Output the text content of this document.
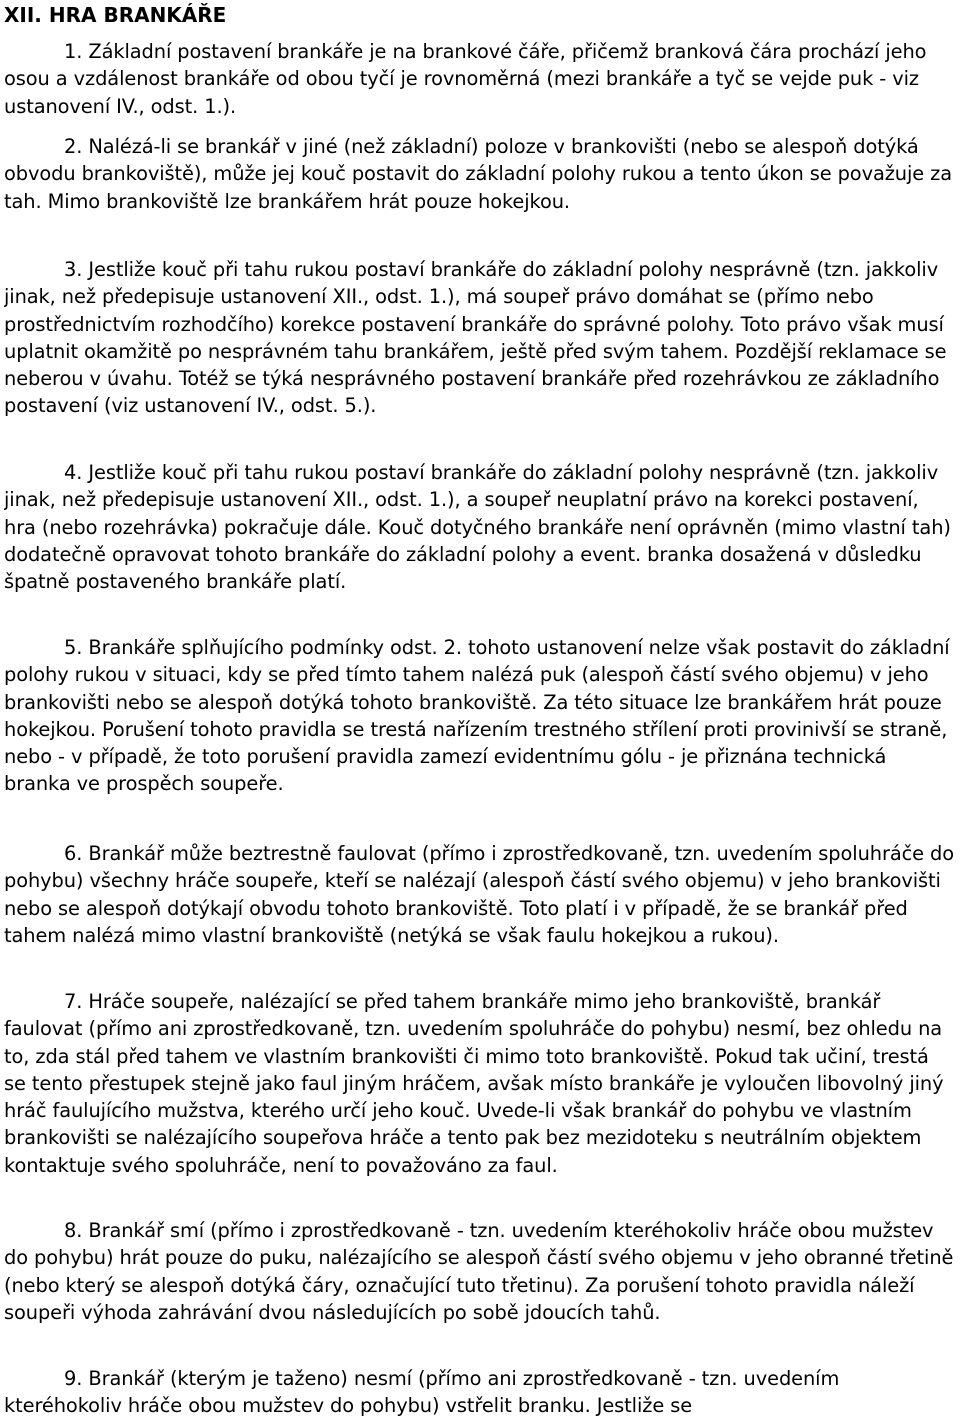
XII. HRA BRANKÁŘE

1. Základní postavení brankáře je na brankové čáře, přičemž branková čára prochází jeho osou a vzdálenost brankáře od obou tyčí je rovnoměrná (mezi brankáře a tyč se vejde puk - viz ustanovení IV., odst. 1.).

2. Nalézá-li se brankář v jiné (než základní) poloze v brankovišti (nebo se alespoň dotýká obvodu brankoviště), může jej kouč postavit do základní polohy rukou a tento úkon se považuje za tah. Mimo brankoviště lze brankářem hrát pouze hokejkou.

3. Jestliže kouč při tahu rukou postaví brankáře do základní polohy nesprávně (tzn. jakkoliv jinak, než předepisuje ustanovení XII., odst. 1.), má soupeř právo domáhat se (přímo nebo prostřednictvím rozhodčího) korekce postavení brankáře do správné polohy. Toto právo však musí uplatnit okamžitě po nesprávném tahu brankářem, ještě před svým tahem. Pozdější reklamace se neberou v úvahu. Totéž se týká nesprávného postavení brankáře před rozehrávkou ze základního postavení (viz ustanovení IV., odst. 5.).

4. Jestliže kouč při tahu rukou postaví brankáře do základní polohy nesprávně (tzn. jakkoliv jinak, než předepisuje ustanovení XII., odst. 1.), a soupeř neuplatní právo na korekci postavení, hra (nebo rozehrávka) pokračuje dále. Kouč dotyčného brankáře není oprávněn (mimo vlastní tah) dodatečně opravovat tohoto brankáře do základní polohy a event. branka dosažená v důsledku špatně postaveného brankáře platí.

5. Brankáře splňujícího podmínky odst. 2. tohoto ustanovení nelze však postavit do základní polohy rukou v situaci, kdy se před tímto tahem nalézá puk (alespoň částí svého objemu) v jeho brankovišti nebo se alespoň dotýká tohoto brankoviště. Za této situace lze brankářem hrát pouze hokejkou. Porušení tohoto pravidla se trestá nařízením trestného střílení proti provinivší se straně, nebo - v případě, že toto porušení pravidla zamezí evidentnímu gólu - je přiznána technická branka ve prospěch soupeře.

6. Brankář může beztrestně faulovat (přímo i zprostředkovaně, tzn. uvedením spoluhráče do pohybu) všechny hráče soupeře, kteří se nalézají (alespoň částí svého objemu) v jeho brankovišti nebo se alespoň dotýkají obvodu tohoto brankoviště. Toto platí i v případě, že se brankář před tahem nalézá mimo vlastní brankoviště (netýká se však faulu hokejkou a rukou).

7. Hráče soupeře, nalézající se před tahem brankáře mimo jeho brankoviště, brankář faulovat (přímo ani zprostředkovaně, tzn. uvedením spoluhráče do pohybu) nesmí, bez ohledu na to, zda stál před tahem ve vlastním brankovišti či mimo toto brankoviště. Pokud tak učiní, trestá se tento přestupek stejně jako faul jiným hráčem, avšak místo brankáře je vyloučen libovolný jiný hráč faulujícího mužstva, kterého určí jeho kouč. Uvede-li však brankář do pohybu ve vlastním brankovišti se nalézajícího soupeřova hráče a tento pak bez mezidoteku s neutrálním objektem kontaktuje svého spoluhráče, není to považováno za faul.

8. Brankář smí (přímo i zprostředkovaně - tzn. uvedením kteréhokoliv hráče obou mužstev do pohybu) hrát pouze do puku, nalézajícího se alespoň částí svého objemu v jeho obranné třetině (nebo který se alespoň dotýká čáry, označující tuto třetinu). Za porušení tohoto pravidla náleží soupeři výhoda zahrávání dvou následujících po sobě jdoucích tahů.

9. Brankář (kterým je taženo) nesmí (přímo ani zprostředkovaně - tzn. uvedením kteréhokoliv hráče obou mužstev do pohybu) vstřelit branku. Jestliže se
